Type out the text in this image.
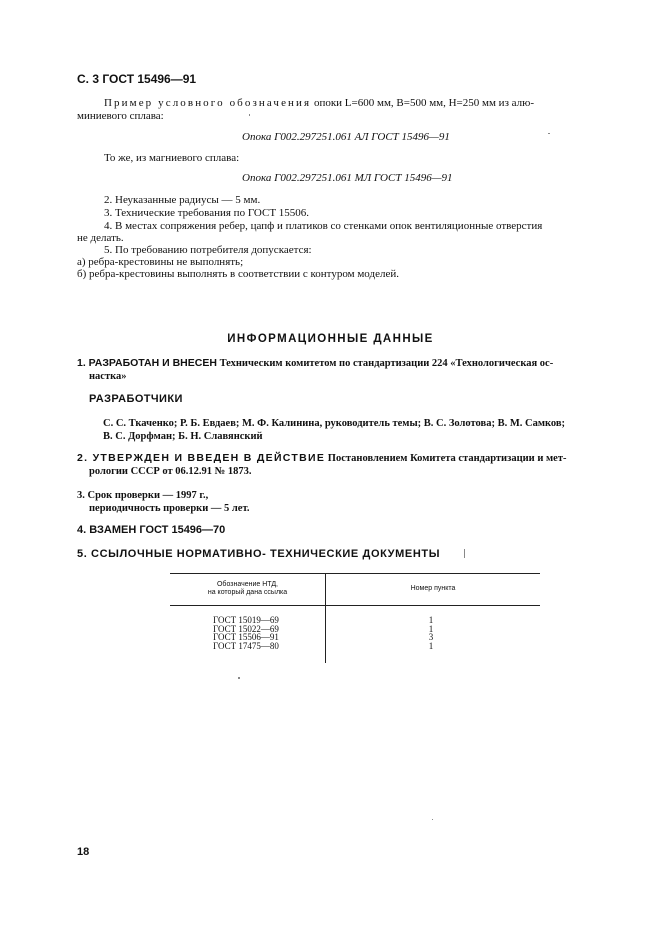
С. 3 ГОСТ 15496—91
Пример условного обозначения опоки L=600 мм, B=500 мм, H=250 мм из алю-
миниевого сплава:
Опока Г002.297251.061 АЛ ГОСТ 15496—91
То же, из магниевого сплава:
Опока Г002.297251.061 МЛ ГОСТ 15496—91
2. Неуказанные радиусы — 5 мм.
3. Технические требования по ГОСТ 15506.
4. В местах сопряжения ребер, цапф и платиков со стенками опок вентиляционные отверстия
не делать.
5. По требованию потребителя допускается:
а) ребра-крестовины не выполнять;
б) ребра-крестовины выполнять в соответствии с контуром моделей.
ИНФОРМАЦИОННЫЕ ДАННЫЕ
1. РАЗРАБОТАН И ВНЕСЕН Техническим комитетом по стандартизации 224 «Технологическая ос-
настка»
РАЗРАБОТЧИКИ
С. С. Ткаченко; Р. Б. Евдаев; М. Ф. Калинина, руководитель темы; В. С. Золотова; В. М. Самков;
В. С. Дорфман; Б. Н. Славянский
2. УТВЕРЖДЕН И ВВЕДЕН В ДЕЙСТВИЕ Постановлением Комитета стандартизации и мет-
рологии СССР от 06.12.91 № 1873.
3. Срок проверки — 1997 г.,
периодичность проверки — 5 лет.
4. ВЗАМЕН ГОСТ 15496—70
5. ССЫЛОЧНЫЕ НОРМАТИВНО- ТЕХНИЧЕСКИЕ ДОКУМЕНТЫ
Обозначение НТД,
на который дана ссылка
Номер пункта
ГОСТ 15019—69
ГОСТ 15022—69
ГОСТ 15506—91
ГОСТ 17475—80
1
1
3
1
18
